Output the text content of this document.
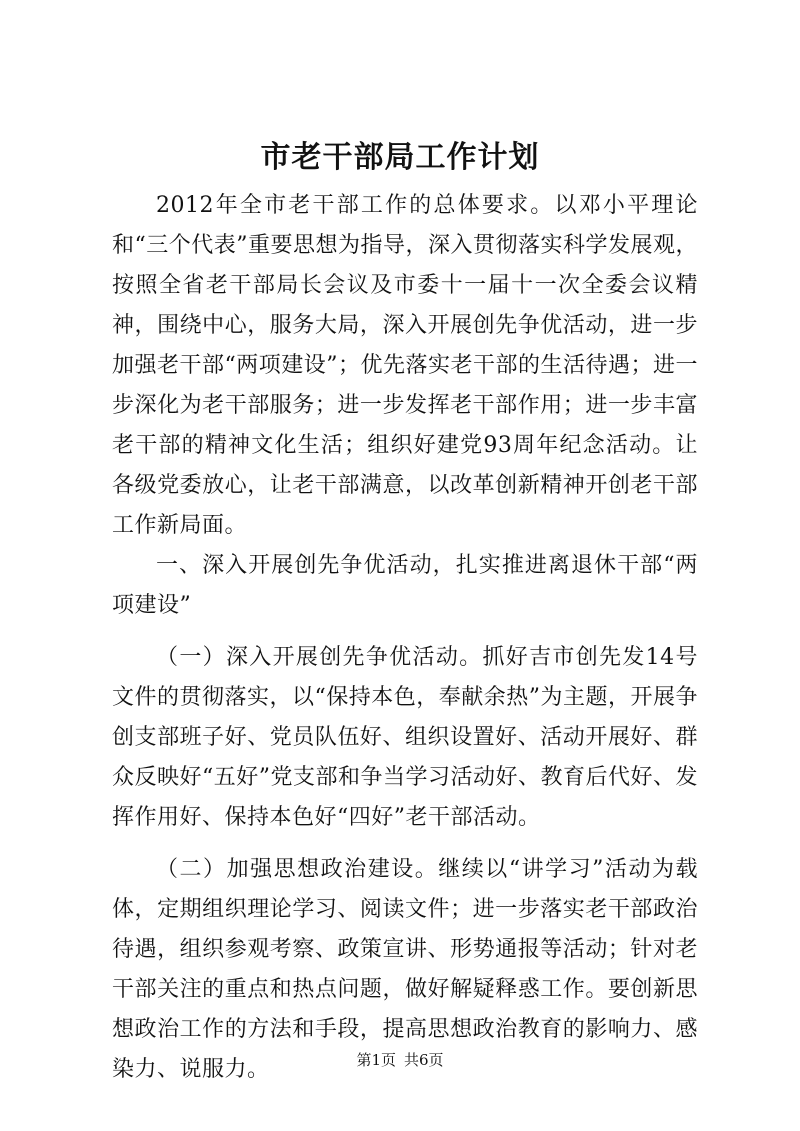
市老干部局工作计划

2012年全市老干部工作的总体要求。以邓小平理论和“三个代表”重要思想为指导，深入贯彻落实科学发展观，按照全省老干部局长会议及市委十一届十一次全委会议精神，围绕中心，服务大局，深入开展创先争优活动，进一步加强老干部“两项建设”；优先落实老干部的生活待遇；进一步深化为老干部服务；进一步发挥老干部作用；进一步丰富老干部的精神文化生活；组织好建党93周年纪念活动。让各级党委放心，让老干部满意，以改革创新精神开创老干部工作新局面。

一、深入开展创先争优活动，扎实推进离退休干部“两项建设”

（一）深入开展创先争优活动。抓好吉市创先发14号文件的贯彻落实，以“保持本色，奉献余热”为主题，开展争创支部班子好、党员队伍好、组织设置好、活动开展好、群众反映好“五好”党支部和争当学习活动好、教育后代好、发挥作用好、保持本色好“四好”老干部活动。

（二）加强思想政治建设。继续以“讲学习”活动为载体，定期组织理论学习、阅读文件；进一步落实老干部政治待遇，组织参观考察、政策宣讲、形势通报等活动；针对老干部关注的重点和热点问题，做好解疑释惑工作。要创新思想政治工作的方法和手段，提高思想政治教育的影响力、感染力、说服力。	第1页 共6页
